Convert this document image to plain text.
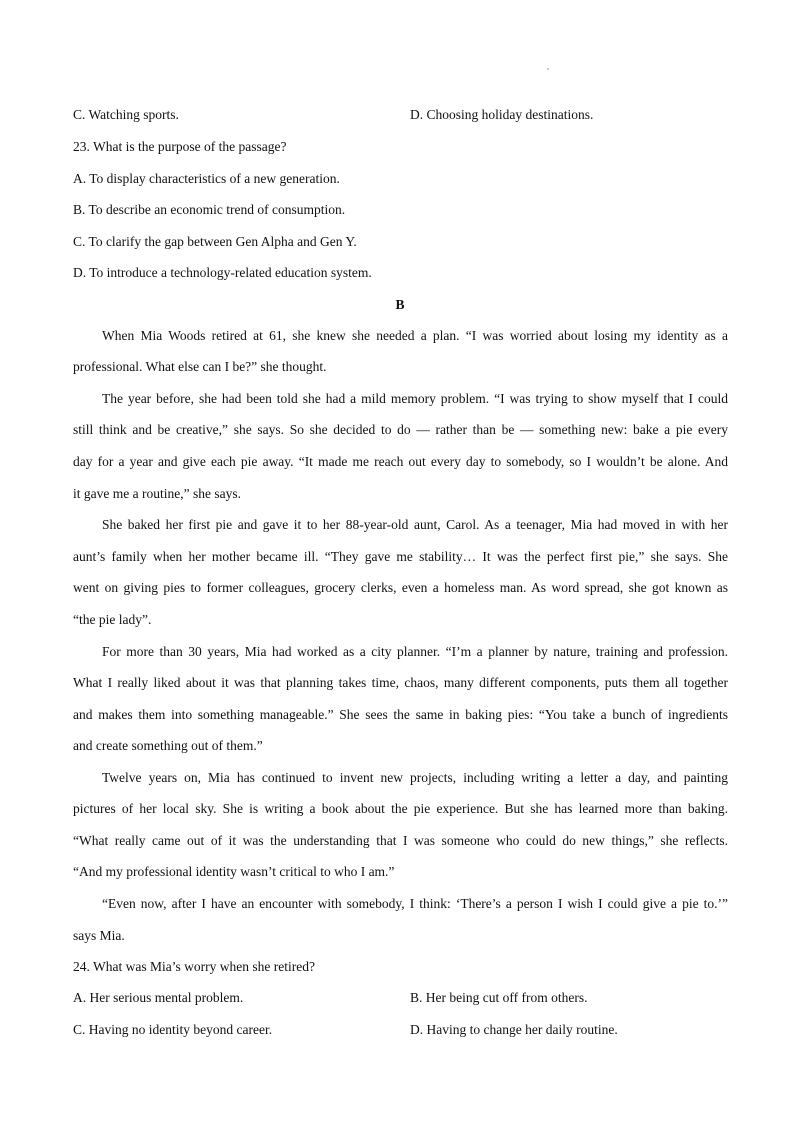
C. Watching sports.	D. Choosing holiday destinations.
23. What is the purpose of the passage?
A. To display characteristics of a new generation.
B. To describe an economic trend of consumption.
C. To clarify the gap between Gen Alpha and Gen Y.
D. To introduce a technology-related education system.
B
When Mia Woods retired at 61, she knew she needed a plan. “I was worried about losing my identity as a
professional. What else can I be?” she thought.
The year before, she had been told she had a mild memory problem. “I was trying to show myself that I could
still think and be creative,” she says. So she decided to do — rather than be — something new: bake a pie every
day for a year and give each pie away. “It made me reach out every day to somebody, so I wouldn’t be alone. And
it gave me a routine,” she says.
She baked her first pie and gave it to her 88-year-old aunt, Carol. As a teenager, Mia had moved in with her
aunt’s family when her mother became ill. “They gave me stability… It was the perfect first pie,” she says. She
went on giving pies to former colleagues, grocery clerks, even a homeless man. As word spread, she got known as
“the pie lady”.
For more than 30 years, Mia had worked as a city planner. “I’m a planner by nature, training and profession.
What I really liked about it was that planning takes time, chaos, many different components, puts them all together
and makes them into something manageable.” She sees the same in baking pies: “You take a bunch of ingredients
and create something out of them.”
Twelve years on, Mia has continued to invent new projects, including writing a letter a day, and painting
pictures of her local sky. She is writing a book about the pie experience. But she has learned more than baking.
“What really came out of it was the understanding that I was someone who could do new things,” she reflects.
“And my professional identity wasn’t critical to who I am.”
“Even now, after I have an encounter with somebody, I think: ‘There’s a person I wish I could give a pie to.’”
says Mia.
24. What was Mia’s worry when she retired?
A. Her serious mental problem.	B. Her being cut off from others.
C. Having no identity beyond career.	D. Having to change her daily routine.
